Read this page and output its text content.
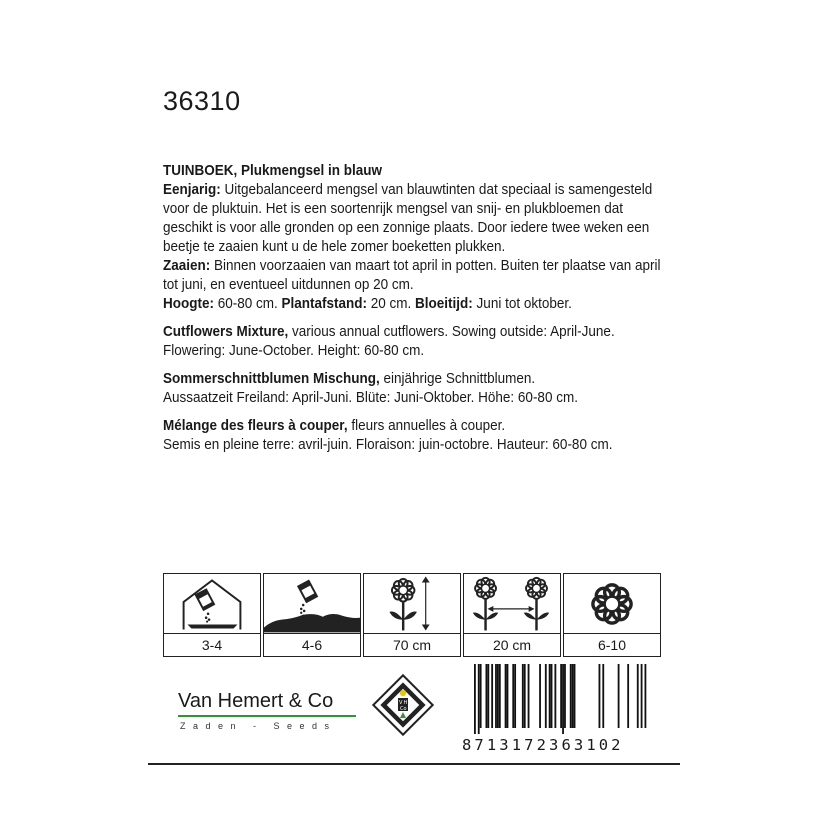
36310

TUINBOEK, Plukmengsel in blauw

Eenjarig: Uitgebalanceerd mengsel van blauwtinten dat speciaal is samengesteld

voor de pluktuin. Het is een soortenrijk mengsel van snij- en plukbloemen dat

geschikt is voor alle gronden op een zonnige plaats. Door iedere twee weken een

beetje te zaaien kunt u de hele zomer boeketten plukken.

Zaaien: Binnen voorzaaien van maart tot april in potten. Buiten ter plaatse van april

tot juni, en eventueel uitdunnen op 20 cm.

Hoogte: 60-80 cm. Plantafstand: 20 cm. Bloeitijd: Juni tot oktober.

Cutflowers Mixture, various annual cutflowers. Sowing outside: April-June.

Flowering: June-October. Height: 60-80 cm.

Sommerschnittblumen Mischung, einjährige Schnittblumen.

Aussaatzeit Freiland: April-Juni. Blüte: Juni-Oktober. Höhe: 60-80 cm.

Mélange des fleurs à couper, fleurs annuelles à couper.

Semis en pleine terre: avril-juin. Floraison: juin-octobre. Hauteur: 60-80 cm.

3-4	4-6	70 cm	20 cm	6-10
Van Hemert & Co
Zaden - Seeds
V H
Co
8713172363102
